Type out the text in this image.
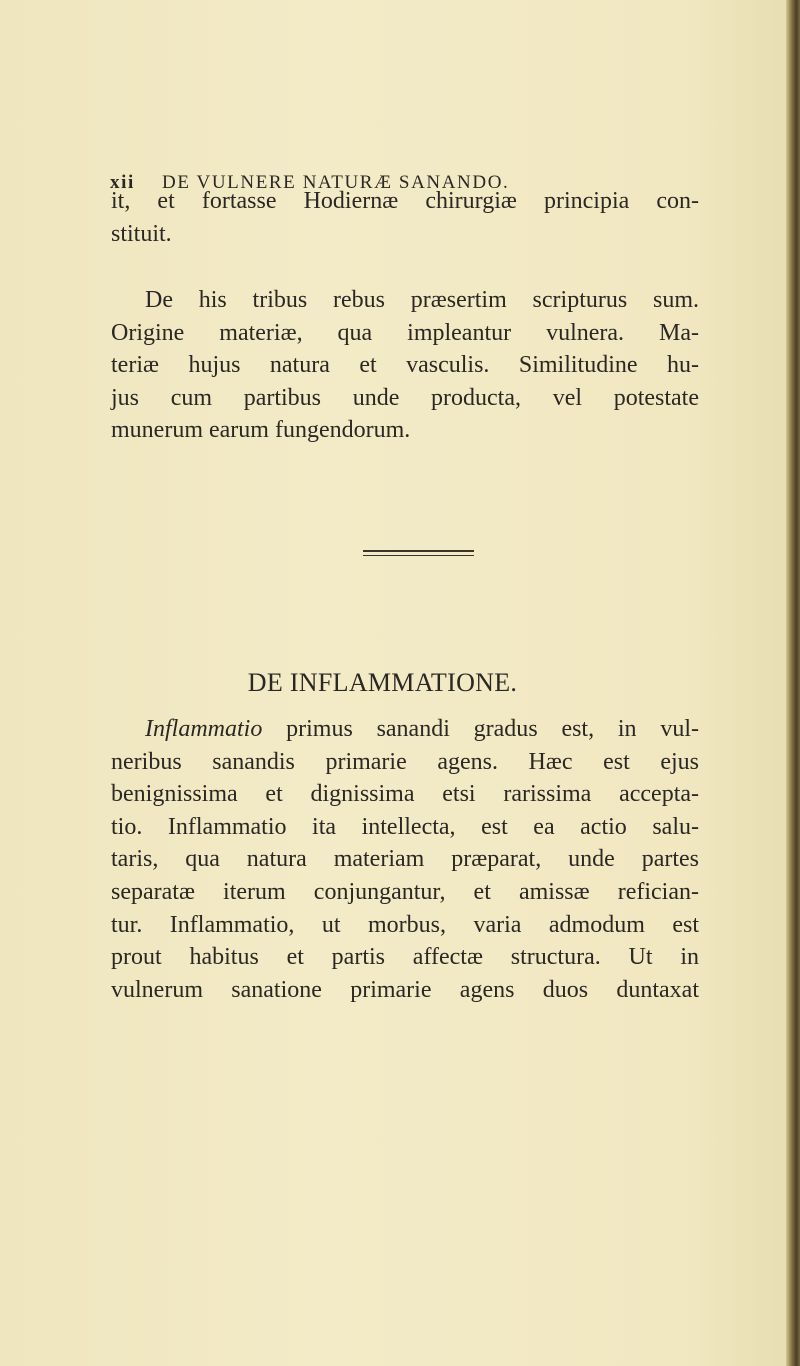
xii DE VULNERE NATURÆ SANANDO.
it, et fortasse Hodiernæ chirurgiæ principia con-
stituit.
De his tribus rebus præsertim scripturus sum.
Origine materiæ, qua impleantur vulnera. Ma-
teriæ hujus natura et vasculis. Similitudine hu-
jus cum partibus unde producta, vel potestate
munerum earum fungendorum.
DE INFLAMMATIONE.
Inflammatio primus sanandi gradus est, in vul-
neribus sanandis primarie agens. Hæc est ejus
benignissima et dignissima etsi rarissima accepta-
tio. Inflammatio ita intellecta, est ea actio salu-
taris, qua natura materiam præparat, unde partes
separatæ iterum conjungantur, et amissæ refician-
tur. Inflammatio, ut morbus, varia admodum est
prout habitus et partis affectæ structura. Ut in
vulnerum sanatione primarie agens duos duntaxat
